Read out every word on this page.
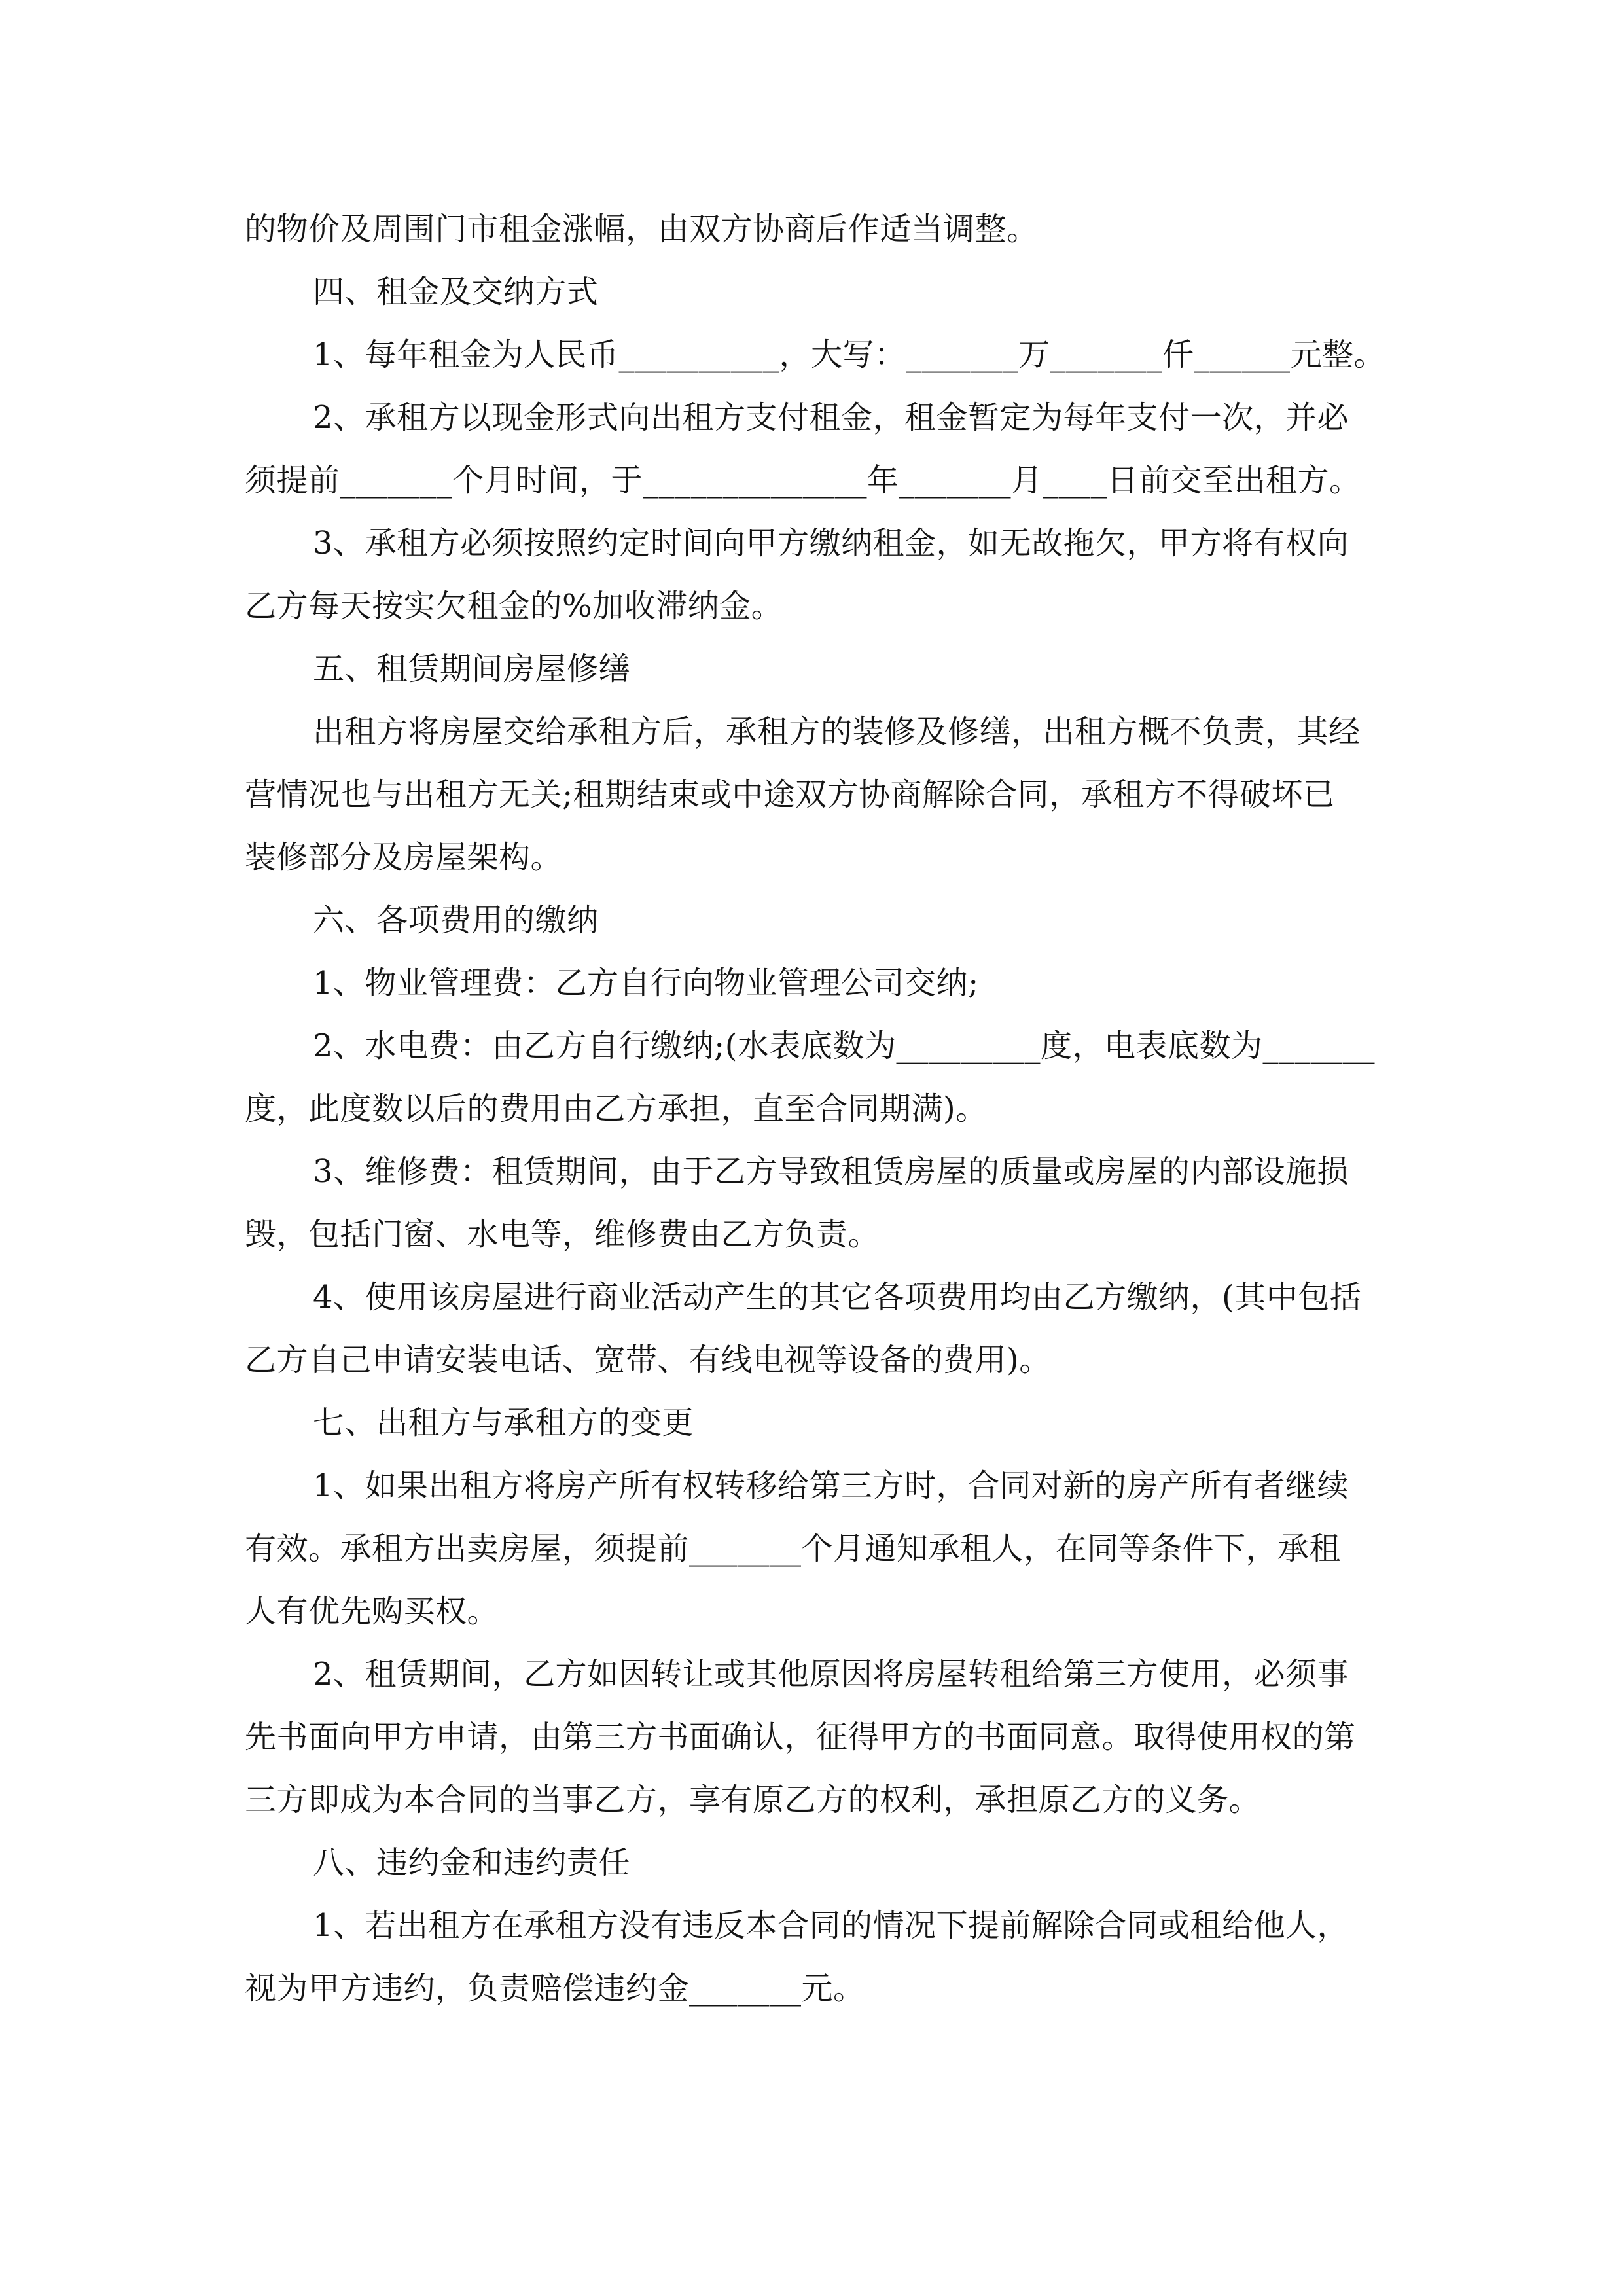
的物价及周围门市租金涨幅，由双方协商后作适当调整。
四、租金及交纳方式
1、每年租金为人民币__________，大写：_______万_______仟______元整。
2、承租方以现金形式向出租方支付租金，租金暂定为每年支付一次，并必
须提前_______个月时间，于______________年_______月____日前交至出租方。
3、承租方必须按照约定时间向甲方缴纳租金，如无故拖欠，甲方将有权向
乙方每天按实欠租金的%加收滞纳金。
五、租赁期间房屋修缮
出租方将房屋交给承租方后，承租方的装修及修缮，出租方概不负责，其经
营情况也与出租方无关;租期结束或中途双方协商解除合同，承租方不得破坏已
装修部分及房屋架构。
六、各项费用的缴纳
1、物业管理费：乙方自行向物业管理公司交纳;
2、水电费：由乙方自行缴纳;(水表底数为_________度，电表底数为_______
度，此度数以后的费用由乙方承担，直至合同期满)。
3、维修费：租赁期间，由于乙方导致租赁房屋的质量或房屋的内部设施损
毁，包括门窗、水电等，维修费由乙方负责。
4、使用该房屋进行商业活动产生的其它各项费用均由乙方缴纳，(其中包括
乙方自己申请安装电话、宽带、有线电视等设备的费用)。
七、出租方与承租方的变更
1、如果出租方将房产所有权转移给第三方时，合同对新的房产所有者继续
有效。承租方出卖房屋，须提前_______个月通知承租人，在同等条件下，承租
人有优先购买权。
2、租赁期间，乙方如因转让或其他原因将房屋转租给第三方使用，必须事
先书面向甲方申请，由第三方书面确认，征得甲方的书面同意。取得使用权的第
三方即成为本合同的当事乙方，享有原乙方的权利，承担原乙方的义务。
八、违约金和违约责任
1、若出租方在承租方没有违反本合同的情况下提前解除合同或租给他人，
视为甲方违约，负责赔偿违约金_______元。
